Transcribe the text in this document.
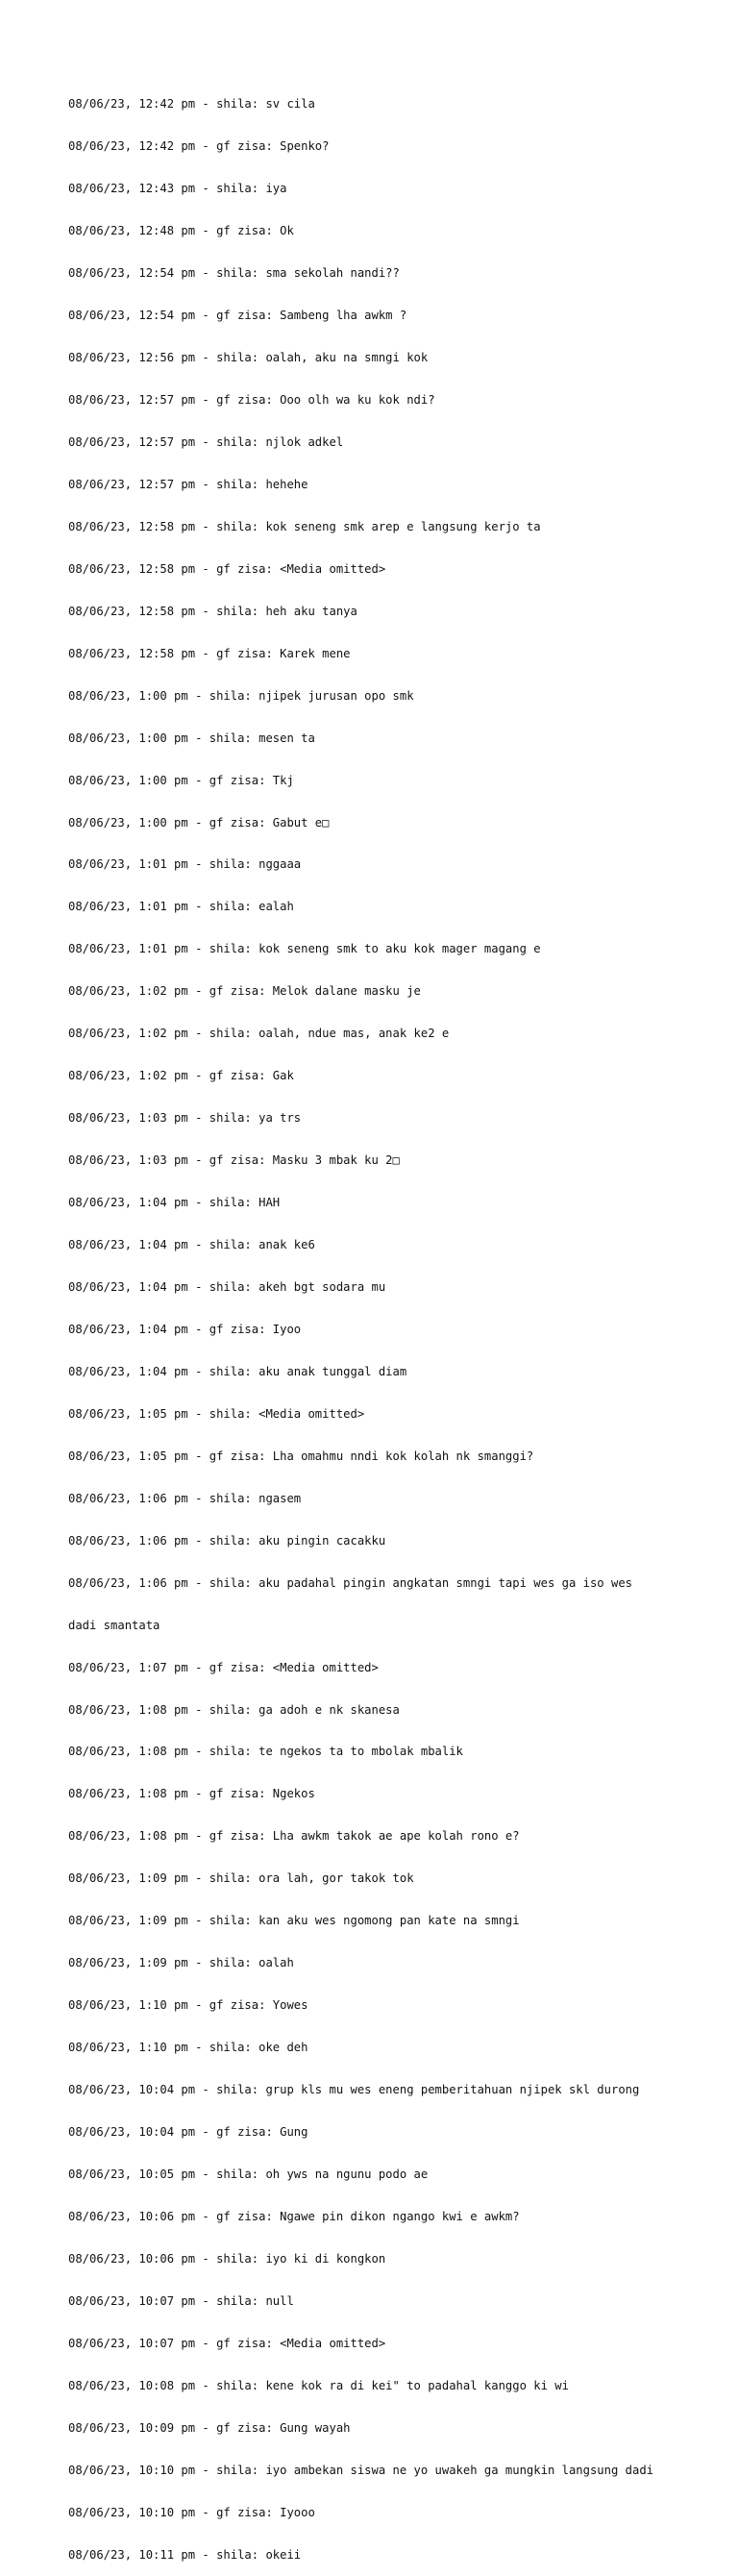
08/06/23, 12:42 pm - shila: sv cila

08/06/23, 12:42 pm - gf zisa: Spenko?

08/06/23, 12:43 pm - shila: iya

08/06/23, 12:48 pm - gf zisa: Ok

08/06/23, 12:54 pm - shila: sma sekolah nandi??

08/06/23, 12:54 pm - gf zisa: Sambeng lha awkm ?

08/06/23, 12:56 pm - shila: oalah, aku na smngi kok

08/06/23, 12:57 pm - gf zisa: Ooo olh wa ku kok ndi?

08/06/23, 12:57 pm - shila: njlok adkel

08/06/23, 12:57 pm - shila: hehehe

08/06/23, 12:58 pm - shila: kok seneng smk arep e langsung kerjo ta

08/06/23, 12:58 pm - gf zisa: <Media omitted>

08/06/23, 12:58 pm - shila: heh aku tanya

08/06/23, 12:58 pm - gf zisa: Karek mene

08/06/23, 1:00 pm - shila: njipek jurusan opo smk

08/06/23, 1:00 pm - shila: mesen ta

08/06/23, 1:00 pm - gf zisa: Tkj

08/06/23, 1:00 pm - gf zisa: Gabut e□

08/06/23, 1:01 pm - shila: nggaaa

08/06/23, 1:01 pm - shila: ealah

08/06/23, 1:01 pm - shila: kok seneng smk to aku kok mager magang e

08/06/23, 1:02 pm - gf zisa: Melok dalane masku je

08/06/23, 1:02 pm - shila: oalah, ndue mas, anak ke2 e

08/06/23, 1:02 pm - gf zisa: Gak

08/06/23, 1:03 pm - shila: ya trs

08/06/23, 1:03 pm - gf zisa: Masku 3 mbak ku 2□

08/06/23, 1:04 pm - shila: HAH

08/06/23, 1:04 pm - shila: anak ke6

08/06/23, 1:04 pm - shila: akeh bgt sodara mu

08/06/23, 1:04 pm - gf zisa: Iyoo

08/06/23, 1:04 pm - shila: aku anak tunggal diam

08/06/23, 1:05 pm - shila: <Media omitted>

08/06/23, 1:05 pm - gf zisa: Lha omahmu nndi kok kolah nk smanggi?

08/06/23, 1:06 pm - shila: ngasem

08/06/23, 1:06 pm - shila: aku pingin cacakku

08/06/23, 1:06 pm - shila: aku padahal pingin angkatan smngi tapi wes ga iso wes

dadi smantata

08/06/23, 1:07 pm - gf zisa: <Media omitted>

08/06/23, 1:08 pm - shila: ga adoh e nk skanesa

08/06/23, 1:08 pm - shila: te ngekos ta to mbolak mbalik

08/06/23, 1:08 pm - gf zisa: Ngekos

08/06/23, 1:08 pm - gf zisa: Lha awkm takok ae ape kolah rono e?

08/06/23, 1:09 pm - shila: ora lah, gor takok tok

08/06/23, 1:09 pm - shila: kan aku wes ngomong pan kate na smngi

08/06/23, 1:09 pm - shila: oalah

08/06/23, 1:10 pm - gf zisa: Yowes

08/06/23, 1:10 pm - shila: oke deh

08/06/23, 10:04 pm - shila: grup kls mu wes eneng pemberitahuan njipek skl durong

08/06/23, 10:04 pm - gf zisa: Gung

08/06/23, 10:05 pm - shila: oh yws na ngunu podo ae

08/06/23, 10:06 pm - gf zisa: Ngawe pin dikon ngango kwi e awkm?

08/06/23, 10:06 pm - shila: iyo ki di kongkon

08/06/23, 10:07 pm - shila: null

08/06/23, 10:07 pm - gf zisa: <Media omitted>

08/06/23, 10:08 pm - shila: kene kok ra di kei" to padahal kanggo ki wi

08/06/23, 10:09 pm - gf zisa: Gung wayah

08/06/23, 10:10 pm - shila: iyo ambekan siswa ne yo uwakeh ga mungkin langsung dadi

08/06/23, 10:10 pm - gf zisa: Iyooo

08/06/23, 10:11 pm - shila: okeii
